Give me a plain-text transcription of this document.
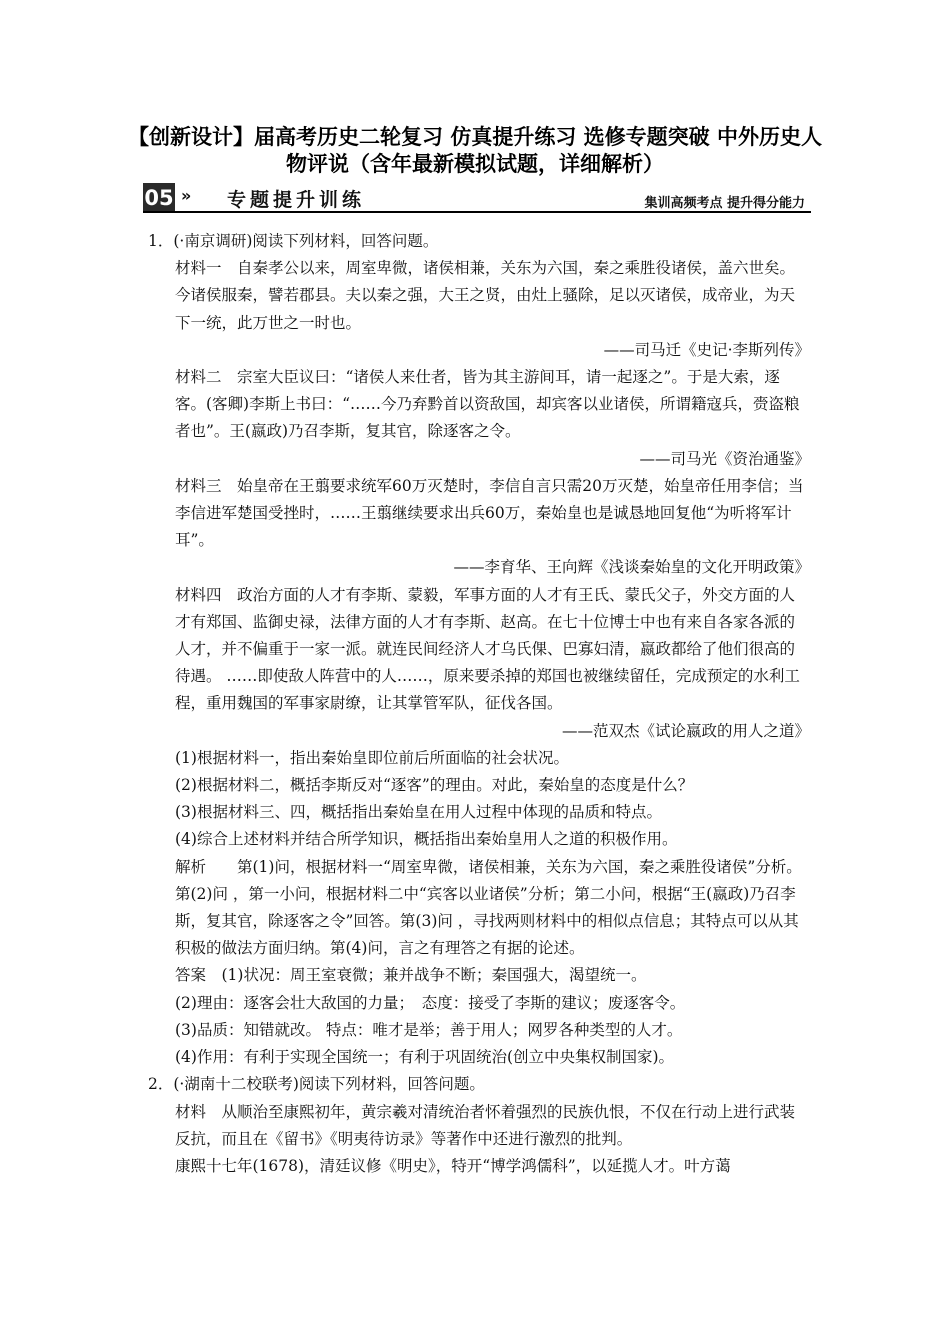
【创新设计】届高考历史二轮复习 仿真提升练习 选修专题突破 中外历史人物评说（含年最新模拟试题，详细解析）
05 » 专题提升训练	集训高频考点 提升得分能力

1．(·南京调研)阅读下列材料，回答问题。

材料一　自秦孝公以来，周室卑微，诸侯相兼，关东为六国，秦之乘胜役诸侯，盖六世矣。今诸侯服秦，譬若郡县。夫以秦之强，大王之贤，由灶上骚除，足以灭诸侯，成帝业，为天下一统，此万世之一时也。

——司马迁《史记·李斯列传》

材料二　宗室大臣议曰：“诸侯人来仕者，皆为其主游间耳，请一起逐之”。于是大索，逐客。(客卿)李斯上书曰：“……今乃弃黔首以资敌国，却宾客以业诸侯，所谓籍寇兵，赍盗粮者也”。王(嬴政)乃召李斯，复其官，除逐客之令。

——司马光《资治通鉴》

材料三　始皇帝在王翦要求统军60万灭楚时，李信自言只需20万灭楚，始皇帝任用李信；当李信进军楚国受挫时，……王翦继续要求出兵60万，秦始皇也是诚恳地回复他“为听将军计耳”。

——李育华、王向辉《浅谈秦始皇的文化开明政策》

材料四　政治方面的人才有李斯、蒙毅，军事方面的人才有王氏、蒙氏父子，外交方面的人才有郑国、监御史禄，法律方面的人才有李斯、赵高。在七十位博士中也有来自各家各派的人才，并不偏重于一家一派。就连民间经济人才乌氏倮、巴寡妇清，嬴政都给了他们很高的待遇。 ……即使敌人阵营中的人……，原来要杀掉的郑国也被继续留任，完成预定的水利工程，重用魏国的军事家尉缭，让其掌管军队，征伐各国。

——范双杰《试论嬴政的用人之道》

(1)根据材料一，指出秦始皇即位前后所面临的社会状况。

(2)根据材料二，概括李斯反对“逐客”的理由。对此，秦始皇的态度是什么？

(3)根据材料三、四，概括指出秦始皇在用人过程中体现的品质和特点。

(4)综合上述材料并结合所学知识，概括指出秦始皇用人之道的积极作用。

解析　　第(1)问，根据材料一“周室卑微，诸侯相兼，关东为六国，秦之乘胜役诸侯”分析。第(2)问 ，第一小问，根据材料二中“宾客以业诸侯”分析；第二小问，根据“王(嬴政)乃召李斯，复其官，除逐客之令”回答。第(3)问 ，寻找两则材料中的相似点信息；其特点可以从其积极的做法方面归纳。第(4)问，言之有理答之有据的论述。

答案　(1)状况：周王室衰微；兼并战争不断；秦国强大，渴望统一。

(2)理由：逐客会壮大敌国的力量；　态度：接受了李斯的建议；废逐客令。

(3)品质：知错就改。 特点：唯才是举；善于用人；网罗各种类型的人才。

(4)作用：有利于实现全国统一；有利于巩固统治(创立中央集权制国家)。

2．(·湖南十二校联考)阅读下列材料，回答问题。

材料　从顺治至康熙初年，黄宗羲对清统治者怀着强烈的民族仇恨，不仅在行动上进行武装反抗，而且在《留书》《明夷待访录》等著作中还进行激烈的批判。

康熙十七年(1678)，清廷议修《明史》，特开“博学鸿儒科”，以延揽人才。叶方蔼
